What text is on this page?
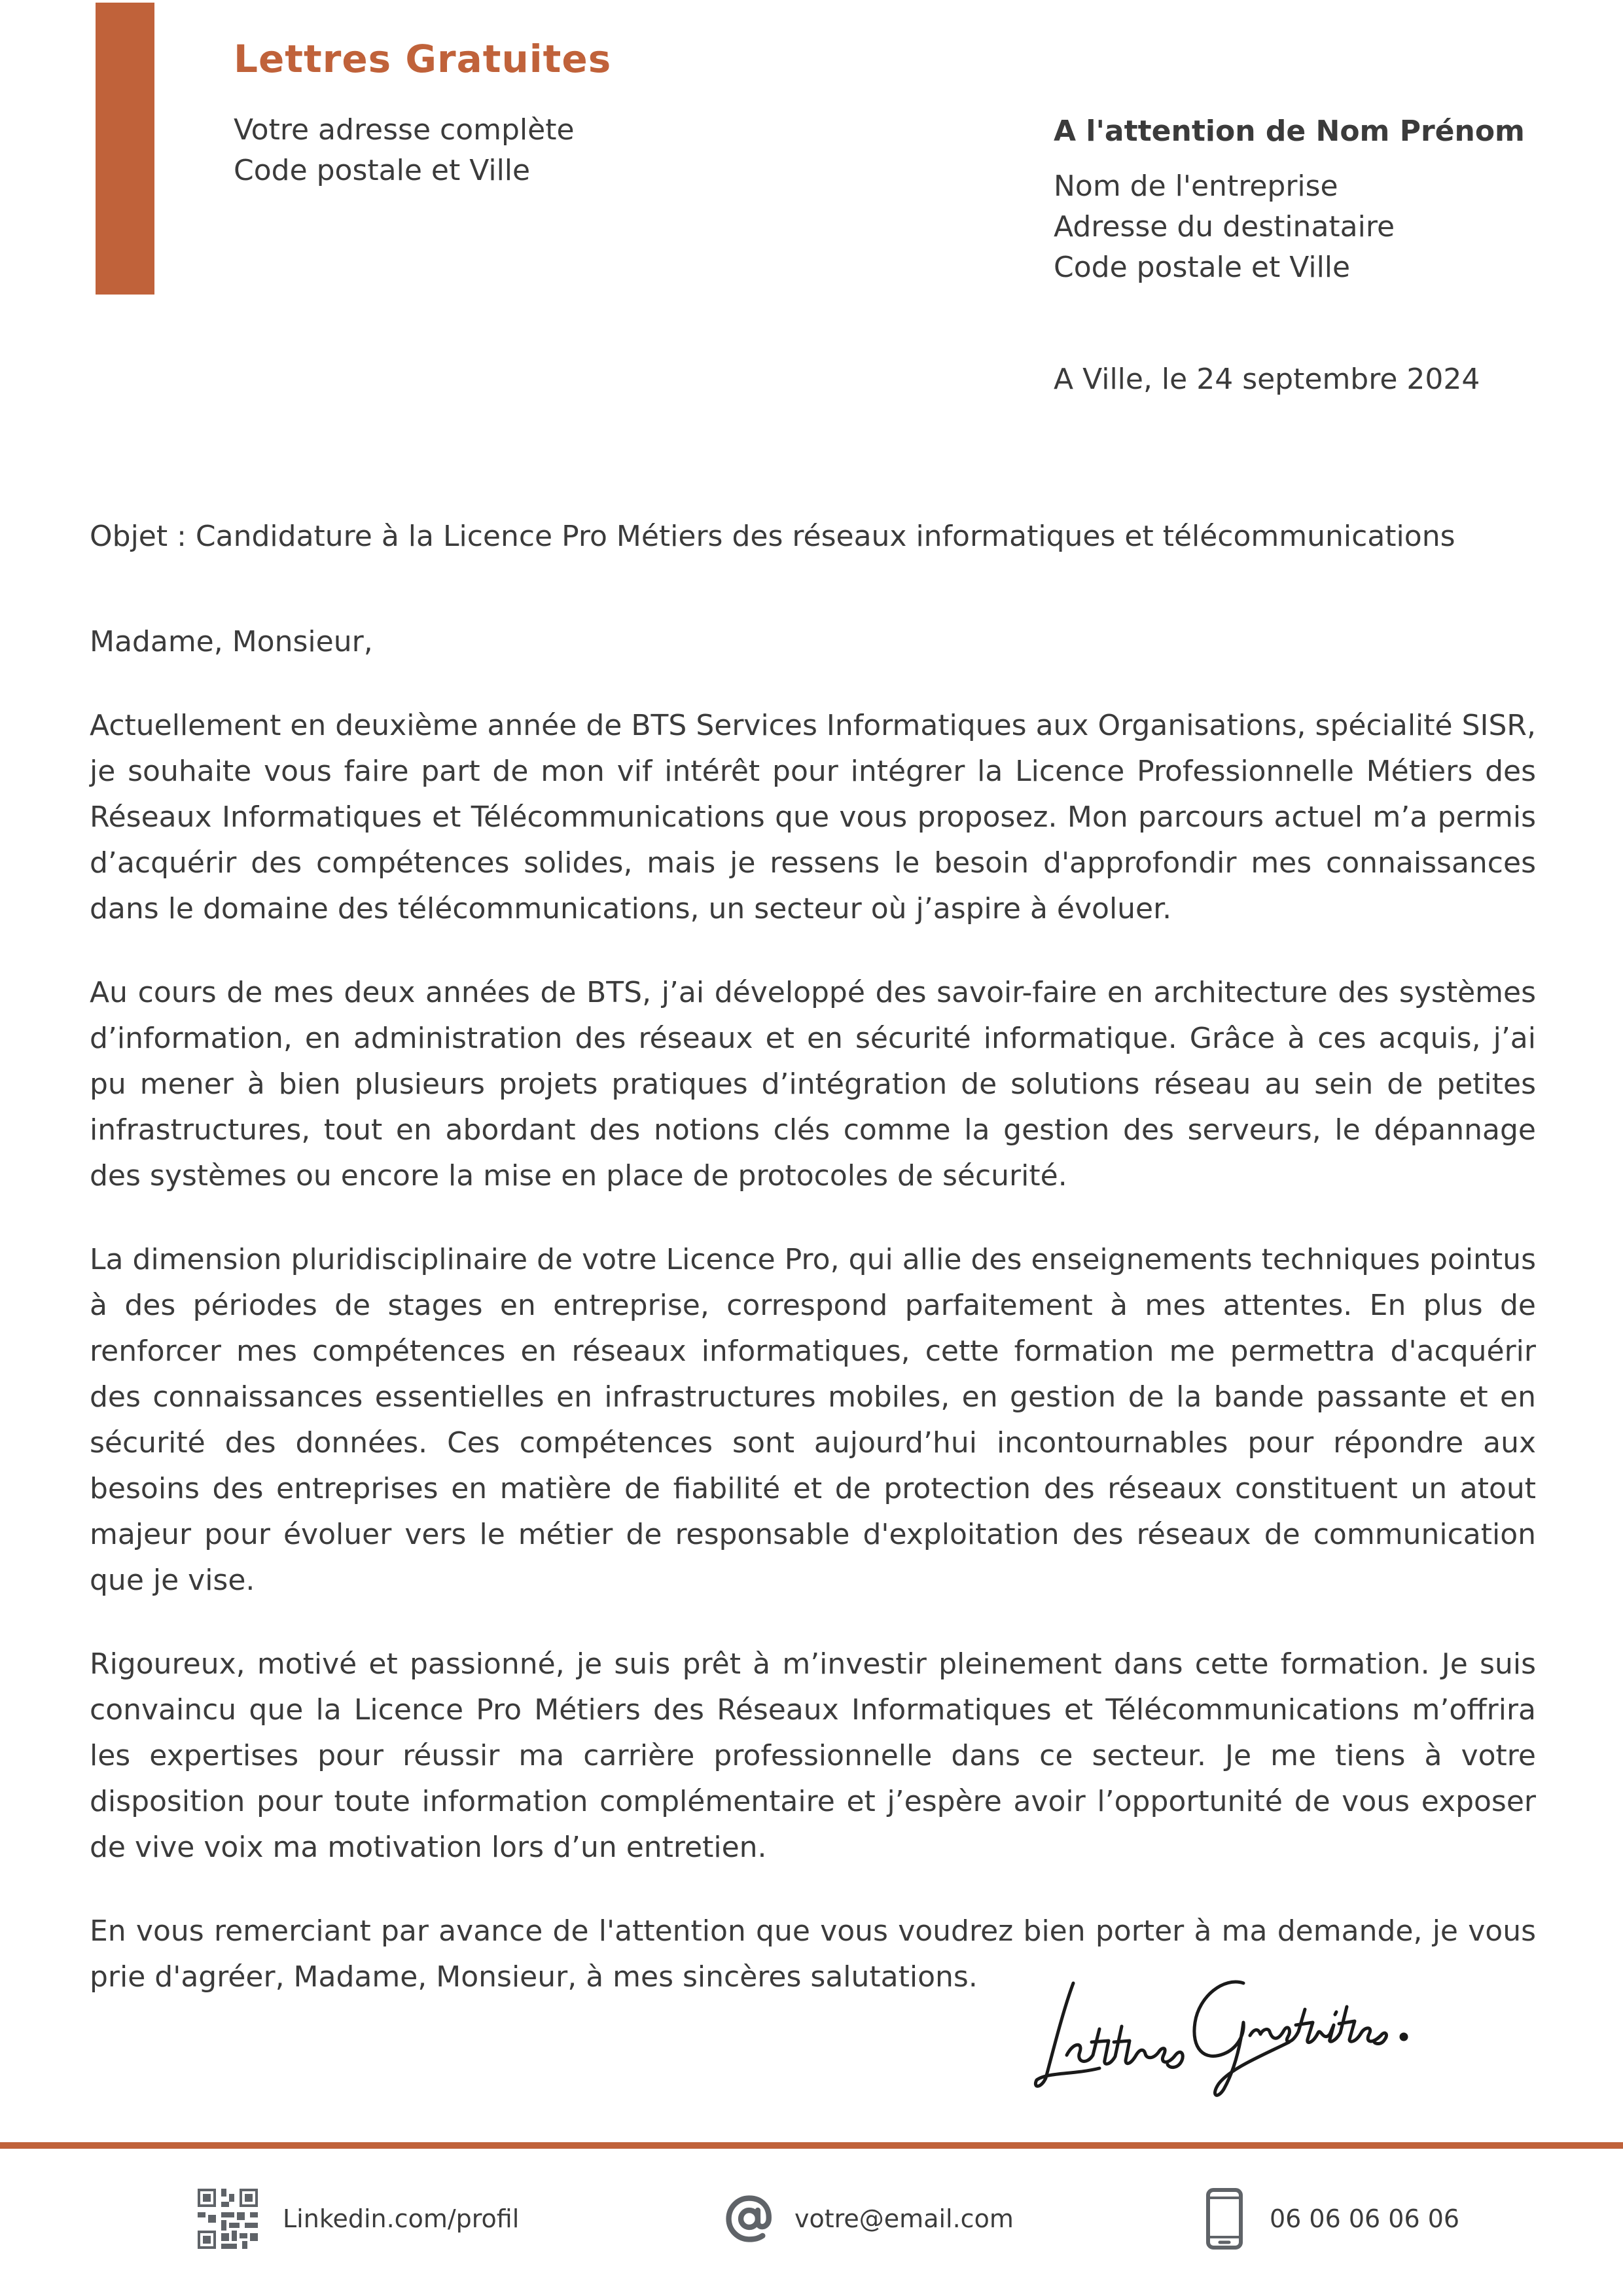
Lettres Gratuites
Votre adresse complète
Code postale et Ville
A l'attention de Nom Prénom
Nom de l'entreprise
Adresse du destinataire
Code postale et Ville
A Ville, le 24 septembre 2024
Objet : Candidature à la Licence Pro Métiers des réseaux informatiques et télécommunications

Madame, Monsieur,

Actuellement en deuxième année de BTS Services Informatiques aux Organisations, spécialité SISR, je souhaite vous faire part de mon vif intérêt pour intégrer la Licence Professionnelle Métiers des Réseaux Informatiques et Télécommunications que vous proposez. Mon parcours actuel m’a permis d’acquérir des compétences solides, mais je ressens le besoin d'approfondir mes connaissances dans le domaine des télécommunications, un secteur où j’aspire à évoluer.

Au cours de mes deux années de BTS, j’ai développé des savoir-faire en architecture des systèmes d’information, en administration des réseaux et en sécurité informatique. Grâce à ces acquis, j’ai pu mener à bien plusieurs projets pratiques d’intégration de solutions réseau au sein de petites infrastructures, tout en abordant des notions clés comme la gestion des serveurs, le dépannage des systèmes ou encore la mise en place de protocoles de sécurité.

La dimension pluridisciplinaire de votre Licence Pro, qui allie des enseignements techniques pointus à des périodes de stages en entreprise, correspond parfaitement à mes attentes. En plus de renforcer mes compétences en réseaux informatiques, cette formation me permettra d'acquérir des connaissances essentielles en infrastructures mobiles, en gestion de la bande passante et en sécurité des données. Ces compétences sont aujourd’hui incontournables pour répondre aux besoins des entreprises en matière de fiabilité et de protection des réseaux constituent un atout majeur pour évoluer vers le métier de responsable d'exploitation des réseaux de communication que je vise.

Rigoureux, motivé et passionné, je suis prêt à m’investir pleinement dans cette formation. Je suis convaincu que la Licence Pro Métiers des Réseaux Informatiques et Télécommunications m’offrira les expertises pour réussir ma carrière professionnelle dans ce secteur. Je me tiens à votre disposition pour toute information complémentaire et j’espère avoir l’opportunité de vous exposer de vive voix ma motivation lors d’un entretien.

En vous remerciant par avance de l'attention que vous voudrez bien porter à ma demande, je vous prie d'agréer, Madame, Monsieur, à mes sincères salutations.

Linkedin.com/profil	votre@email.com	06 06 06 06 06
